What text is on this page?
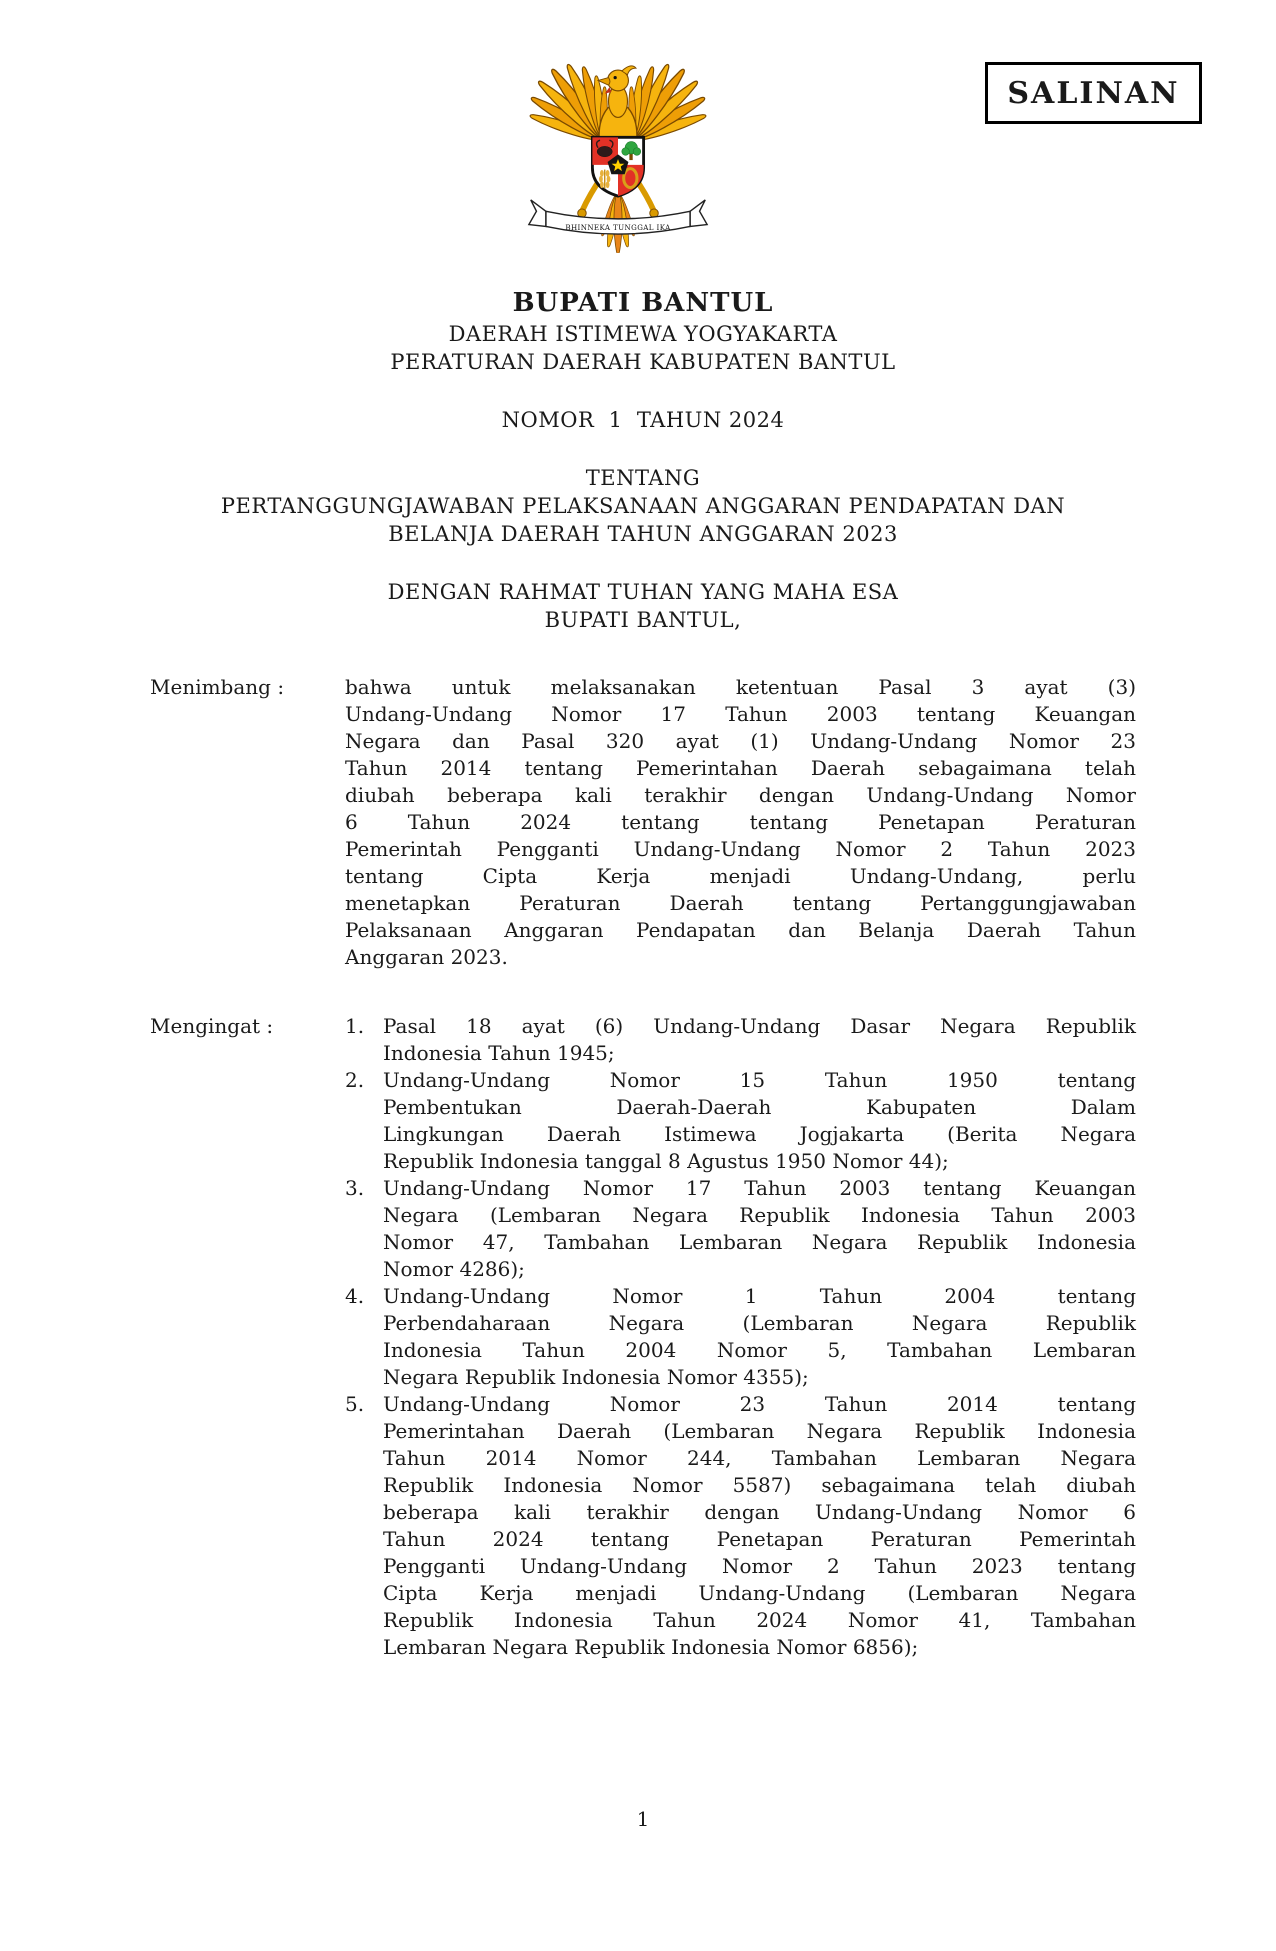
SALINAN
BHINNEKA TUNGGAL IKA
BUPATI BANTUL
DAERAH ISTIMEWA YOGYAKARTA
PERATURAN DAERAH KABUPATEN BANTUL
NOMOR  1  TAHUN 2024
TENTANG
PERTANGGUNGJAWABAN PELAKSANAAN ANGGARAN PENDAPATAN DAN
BELANJA DAERAH TAHUN ANGGARAN 2023
DENGAN RAHMAT TUHAN YANG MAHA ESA
BUPATI BANTUL,
Menimbang :	bahwa untuk melaksanakan ketentuan Pasal 3 ayat (3)
Undang-Undang Nomor 17 Tahun 2003 tentang Keuangan
Negara dan Pasal 320 ayat (1) Undang-Undang Nomor 23
Tahun 2014 tentang Pemerintahan Daerah sebagaimana telah
diubah beberapa kali terakhir dengan Undang-Undang Nomor
6 Tahun 2024 tentang tentang Penetapan Peraturan
Pemerintah Pengganti Undang-Undang Nomor 2 Tahun 2023
tentang Cipta Kerja menjadi Undang-Undang, perlu
menetapkan Peraturan Daerah tentang Pertanggungjawaban
Pelaksanaan Anggaran Pendapatan dan Belanja Daerah Tahun
Anggaran 2023.
Mengingat :	1. Pasal 18 ayat (6) Undang-Undang Dasar Negara Republik
Indonesia Tahun 1945;
2. Undang-Undang Nomor 15 Tahun 1950 tentang
Pembentukan Daerah-Daerah Kabupaten Dalam
Lingkungan Daerah Istimewa Jogjakarta (Berita Negara
Republik Indonesia tanggal 8 Agustus 1950 Nomor 44);
3. Undang-Undang Nomor 17 Tahun 2003 tentang Keuangan
Negara (Lembaran Negara Republik Indonesia Tahun 2003
Nomor 47, Tambahan Lembaran Negara Republik Indonesia
Nomor 4286);
4. Undang-Undang Nomor 1 Tahun 2004 tentang
Perbendaharaan Negara (Lembaran Negara Republik
Indonesia Tahun 2004 Nomor 5, Tambahan Lembaran
Negara Republik Indonesia Nomor 4355);
5. Undang-Undang Nomor 23 Tahun 2014 tentang
Pemerintahan Daerah (Lembaran Negara Republik Indonesia
Tahun 2014 Nomor 244, Tambahan Lembaran Negara
Republik Indonesia Nomor 5587) sebagaimana telah diubah
beberapa kali terakhir dengan Undang-Undang Nomor 6
Tahun 2024 tentang Penetapan Peraturan Pemerintah
Pengganti Undang-Undang Nomor 2 Tahun 2023 tentang
Cipta Kerja menjadi Undang-Undang (Lembaran Negara
Republik Indonesia Tahun 2024 Nomor 41, Tambahan
Lembaran Negara Republik Indonesia Nomor 6856);
1
